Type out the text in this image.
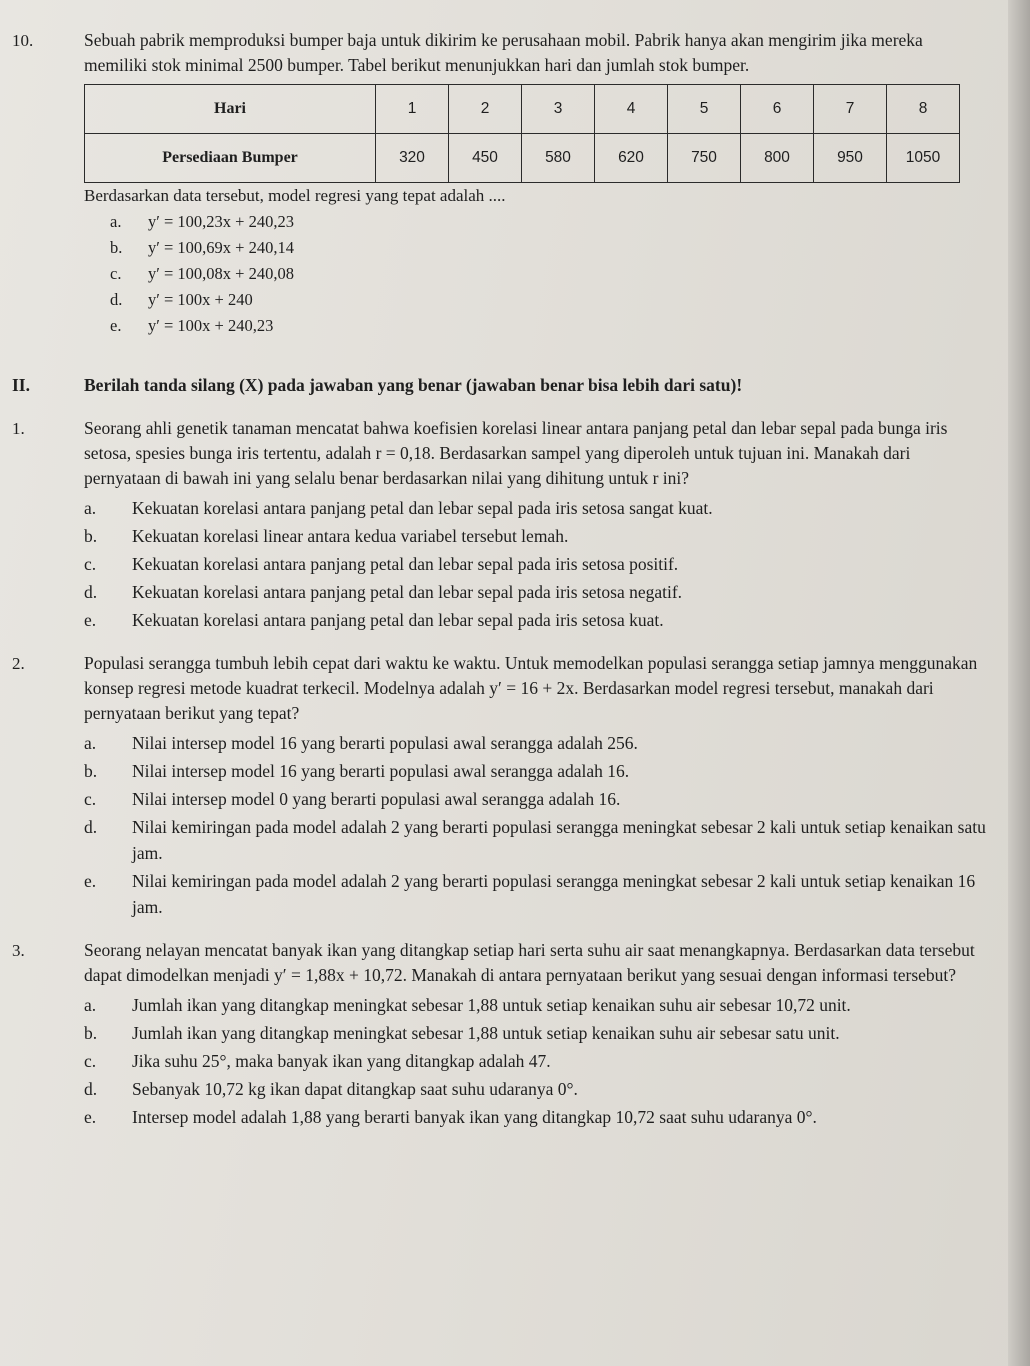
10.	Sebuah pabrik memproduksi bumper baja untuk dikirim ke perusahaan mobil. Pabrik hanya akan mengirim jika mereka memiliki stok minimal 2500 bumper. Tabel berikut menunjukkan hari dan jumlah stok bumper.

Hari	1	2	3	4	5	6	7	8
Persediaan Bumper	320	450	580	620	750	800	950	1050

Berdasarkan data tersebut, model regresi yang tepat adalah ....

a.	y′ = 100,23x + 240,23
b.	y′ = 100,69x + 240,14
c.	y′ = 100,08x + 240,08
d.	y′ = 100x + 240
e.	y′ = 100x + 240,23
II.	Berilah tanda silang (X) pada jawaban yang benar (jawaban benar bisa lebih dari satu)!
1.	Seorang ahli genetik tanaman mencatat bahwa koefisien korelasi linear antara panjang petal dan lebar sepal pada bunga iris setosa, spesies bunga iris tertentu, adalah r = 0,18. Berdasarkan sampel yang diperoleh untuk tujuan ini. Manakah dari pernyataan di bawah ini yang selalu benar berdasarkan nilai yang dihitung untuk r ini?

a.	Kekuatan korelasi antara panjang petal dan lebar sepal pada iris setosa sangat kuat.
b.	Kekuatan korelasi linear antara kedua variabel tersebut lemah.
c.	Kekuatan korelasi antara panjang petal dan lebar sepal pada iris setosa positif.
d.	Kekuatan korelasi antara panjang petal dan lebar sepal pada iris setosa negatif.
e.	Kekuatan korelasi antara panjang petal dan lebar sepal pada iris setosa kuat.
2.	Populasi serangga tumbuh lebih cepat dari waktu ke waktu. Untuk memodelkan populasi serangga setiap jamnya menggunakan konsep regresi metode kuadrat terkecil. Modelnya adalah y′ = 16 + 2x. Berdasarkan model regresi tersebut, manakah dari pernyataan berikut yang tepat?

a.	Nilai intersep model 16 yang berarti populasi awal serangga adalah 256.
b.	Nilai intersep model 16 yang berarti populasi awal serangga adalah 16.
c.	Nilai intersep model 0 yang berarti populasi awal serangga adalah 16.
d.	Nilai kemiringan pada model adalah 2 yang berarti populasi serangga meningkat sebesar 2 kali untuk setiap kenaikan satu jam.
e.	Nilai kemiringan pada model adalah 2 yang berarti populasi serangga meningkat sebesar 2 kali untuk setiap kenaikan 16 jam.
3.	Seorang nelayan mencatat banyak ikan yang ditangkap setiap hari serta suhu air saat menangkapnya. Berdasarkan data tersebut dapat dimodelkan menjadi y′ = 1,88x + 10,72. Manakah di antara pernyataan berikut yang sesuai dengan informasi tersebut?

a.	Jumlah ikan yang ditangkap meningkat sebesar 1,88 untuk setiap kenaikan suhu air sebesar 10,72 unit.
b.	Jumlah ikan yang ditangkap meningkat sebesar 1,88 untuk setiap kenaikan suhu air sebesar satu unit.
c.	Jika suhu 25°, maka banyak ikan yang ditangkap adalah 47.
d.	Sebanyak 10,72 kg ikan dapat ditangkap saat suhu udaranya 0°.
e.	Intersep model adalah 1,88 yang berarti banyak ikan yang ditangkap 10,72 saat suhu udaranya 0°.
